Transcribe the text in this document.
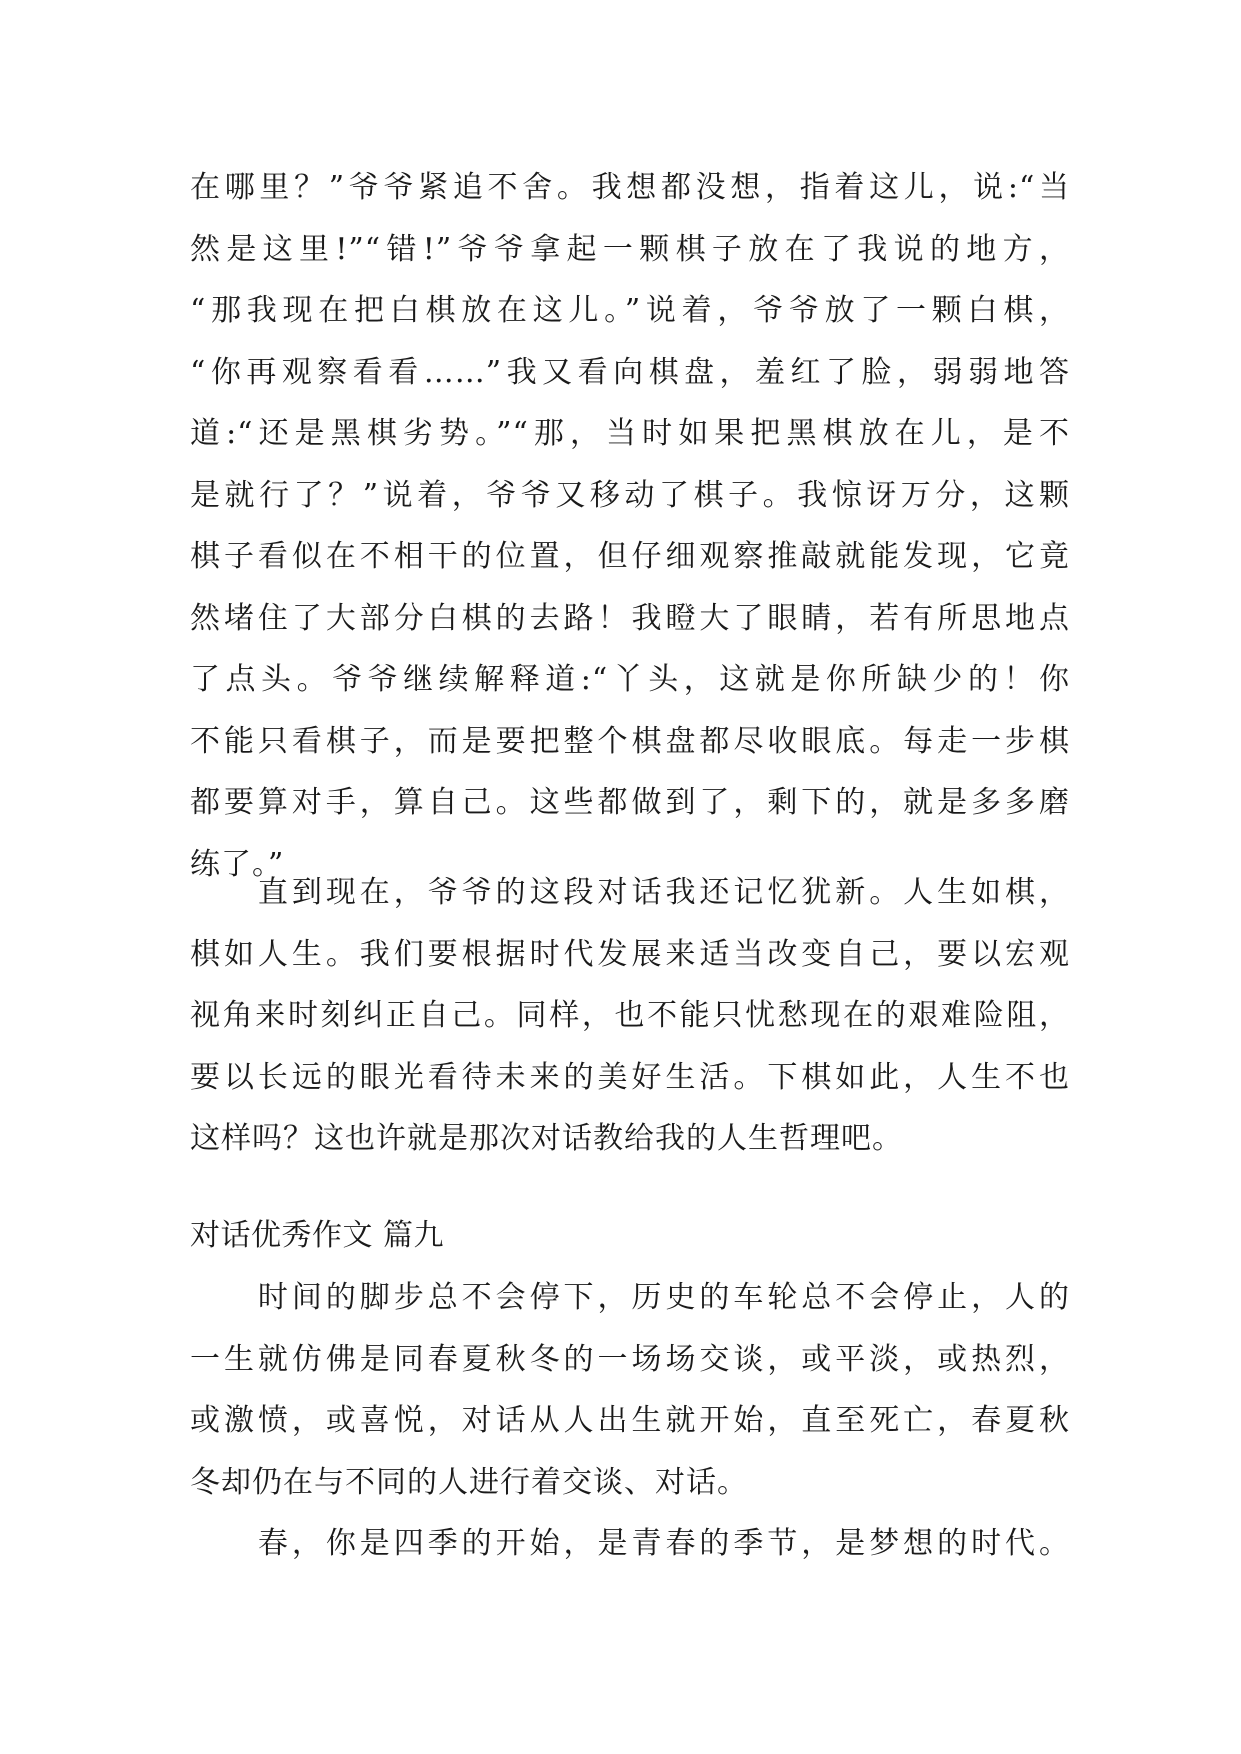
在哪里？”爷爷紧追不舍。我想都没想，指着这儿，说:“当
然是这里!”“错!”爷爷拿起一颗棋子放在了我说的地方，
“那我现在把白棋放在这儿。”说着，爷爷放了一颗白棋，
“你再观察看看……”我又看向棋盘，羞红了脸，弱弱地答
道:“还是黑棋劣势。”“那，当时如果把黑棋放在儿，是不
是就行了？”说着，爷爷又移动了棋子。我惊讶万分，这颗
棋子看似在不相干的位置，但仔细观察推敲就能发现，它竟
然堵住了大部分白棋的去路！我瞪大了眼睛，若有所思地点
了点头。爷爷继续解释道:“丫头，这就是你所缺少的！你
不能只看棋子，而是要把整个棋盘都尽收眼底。每走一步棋
都要算对手，算自己。这些都做到了，剩下的，就是多多磨
练了。”
　　直到现在，爷爷的这段对话我还记忆犹新。人生如棋，
棋如人生。我们要根据时代发展来适当改变自己，要以宏观
视角来时刻纠正自己。同样，也不能只忧愁现在的艰难险阻，
要以长远的眼光看待未来的美好生活。下棋如此，人生不也
这样吗？这也许就是那次对话教给我的人生哲理吧。
对话优秀作文 篇九
　　时间的脚步总不会停下，历史的车轮总不会停止，人的
一生就仿佛是同春夏秋冬的一场场交谈，或平淡，或热烈，
或激愤，或喜悦，对话从人出生就开始，直至死亡，春夏秋
冬却仍在与不同的人进行着交谈、对话。
　　春，你是四季的开始，是青春的季节，是梦想的时代。
